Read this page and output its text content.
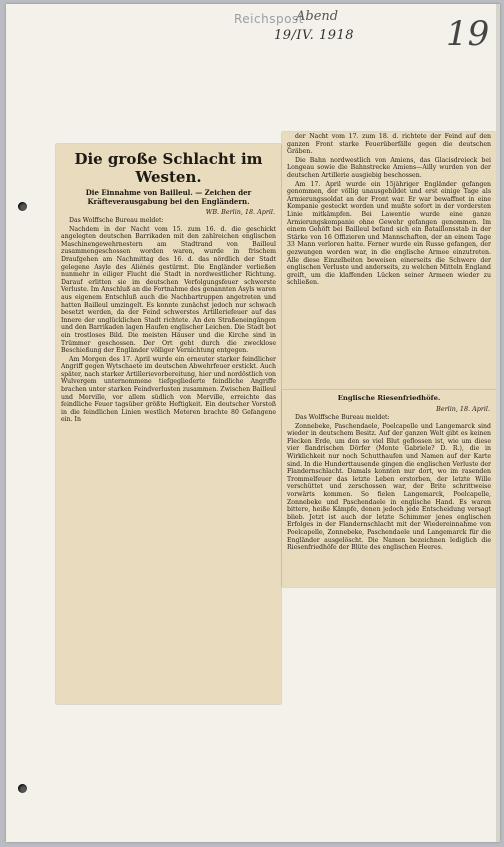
Reichspost
Abend
19/IV. 1918	19
Die große Schlacht im Westen.
Die Einnahme von Bailleul. — Zeichen der Kräfteverausgabung bei den Engländern.
WB. Berlin, 18. April.
Das Wolffsche Bureau meldet:
Nachdem in der Nacht vom 15. zum 16. d. die geschickt angelegten deutschen Barrikaden mit den zahlreichen englischen Maschinengewehrnestern am Stadtrand von Bailleul zusammengeschossen worden waren, wurde in frischem Draufgehen am Nachmittag des 16. d. das nördlich der Stadt gelegene Asyle des Aliénés gestürmt. Die Engländer verließen nunmehr in eiliger Flucht die Stadt in nordwestlicher Richtung. Darauf erlitten sie im deutschen Verfolgungsfeuer schwerste Verluste. Im Anschluß an die Fortnahme des genannten Asyls waren aus eigenem Entschluß auch die Nachbartruppen angetreten und hatten Bailleul umzingelt. Es konnte zunächst jedoch nur schwach besetzt werden, da der Feind schwerstes Artilleriefeuer auf das Innere der unglücklichen Stadt richtete. An den Straßeneingängen und den Barrikaden lagen Haufen englischer Leichen. Die Stadt bot ein trostloses Bild. Die meisten Häuser und die Kirche sind in Trümmer geschossen. Der Ort geht durch die zwecklose Beschießung der Engländer völliger Vernichtung entgegen.
Am Morgen des 17. April wurde ein erneuter starker feindlicher Angriff gegen Wytschaete im deutschen Abwehrfeuer erstickt. Auch später, nach starker Artillerievorbereitung, hier und nordöstlich von Wulvergem unternommene tiefgegliederte feindliche Angriffe brachen unter starken Feindverlusten zusammen. Zwischen Bailleul und Merville, vor allem südlich von Merville, erreichte das feindliche Feuer tagsüber größte Heftigkeit. Ein deutscher Vorstoß in die feindlichen Linien westlich Meteren brachte 80 Gefangene ein. In
der Nacht vom 17. zum 18. d. richtete der Feind auf den ganzen Front starke Feuerüberfälle gegen die deutschen Gräben.
Die Bahn nordwestlich von Amiens, das Glacisdreieck bei Longeau sowie die Bahnstrecke Amiens—Ailly wurden von der deutschen Artillerie ausgiebig beschossen.
Am 17. April wurde ein 15jähriger Engländer gefangen genommen, der völlig unausgebildet und erst einige Tage als Armierungssoldat an der Front war. Er war bewaffnet in eine Kompanie gesteckt worden und mußte sofort in der vordersten Linie mitkämpfen. Bei Lawentie wurde eine ganze Armierungskompanie ohne Gewehr gefangen genommen. Im einem Gehöft bei Bailleul befand sich ein Bataillonsstab in der Stärke von 16 Offizieren und Mannschaften, der an einem Tage 33 Mann verloren hatte. Ferner wurde ein Russe gefangen, der gezwungen worden war, in die englische Armee einzutreten. Alle diese Einzelheiten beweisen einerseits die Schwere der englischen Verluste und anderseits, zu welchen Mitteln England greift, um die klaffenden Lücken seiner Armeen wieder zu schließen.
Englische Riesenfriedhöfe.
Berlin, 18. April.
Das Wolffsche Bureau meldet:
Zonnebeke, Paschendaele, Poelcapelle und Langemarck sind wieder in deutschem Besitz. Auf der ganzen Welt gibt es keinen Flecken Erde, um den so viel Blut geflossen ist, wie um diese vier flandrischen Dörfer (Monte Gabriele? D. R.), die in Wirklichkeit nur noch Schutthaufen und Namen auf der Karte sind. In die Hunderttausende gingen die englischen Verluste der Flandernschlacht. Damals konnten nur dort, wo im rasenden Trommelfeuer das letzte Leben erstorben, der letzte Wille verschüttet und zerschossen war, der Brite schrittweise vorwärts kommen. So fielen Langemarck, Poelcapelle, Zonnebeke und Paschendaele in englische Hand. Es waren bittere, heiße Kämpfe, denen jedoch jede Entscheidung versagt blieb. Jetzt ist auch der letzte Schimmer jenes englischen Erfolges in der Flandernschlacht mit der Wiedereinnahme von Poelcapelle, Zonnebeke, Paschendaele und Langemarck für die Engländer ausgelöscht. Die Namen bezeichnen lediglich die Riesenfriedhöfe der Blüte des englischen Heeres.
